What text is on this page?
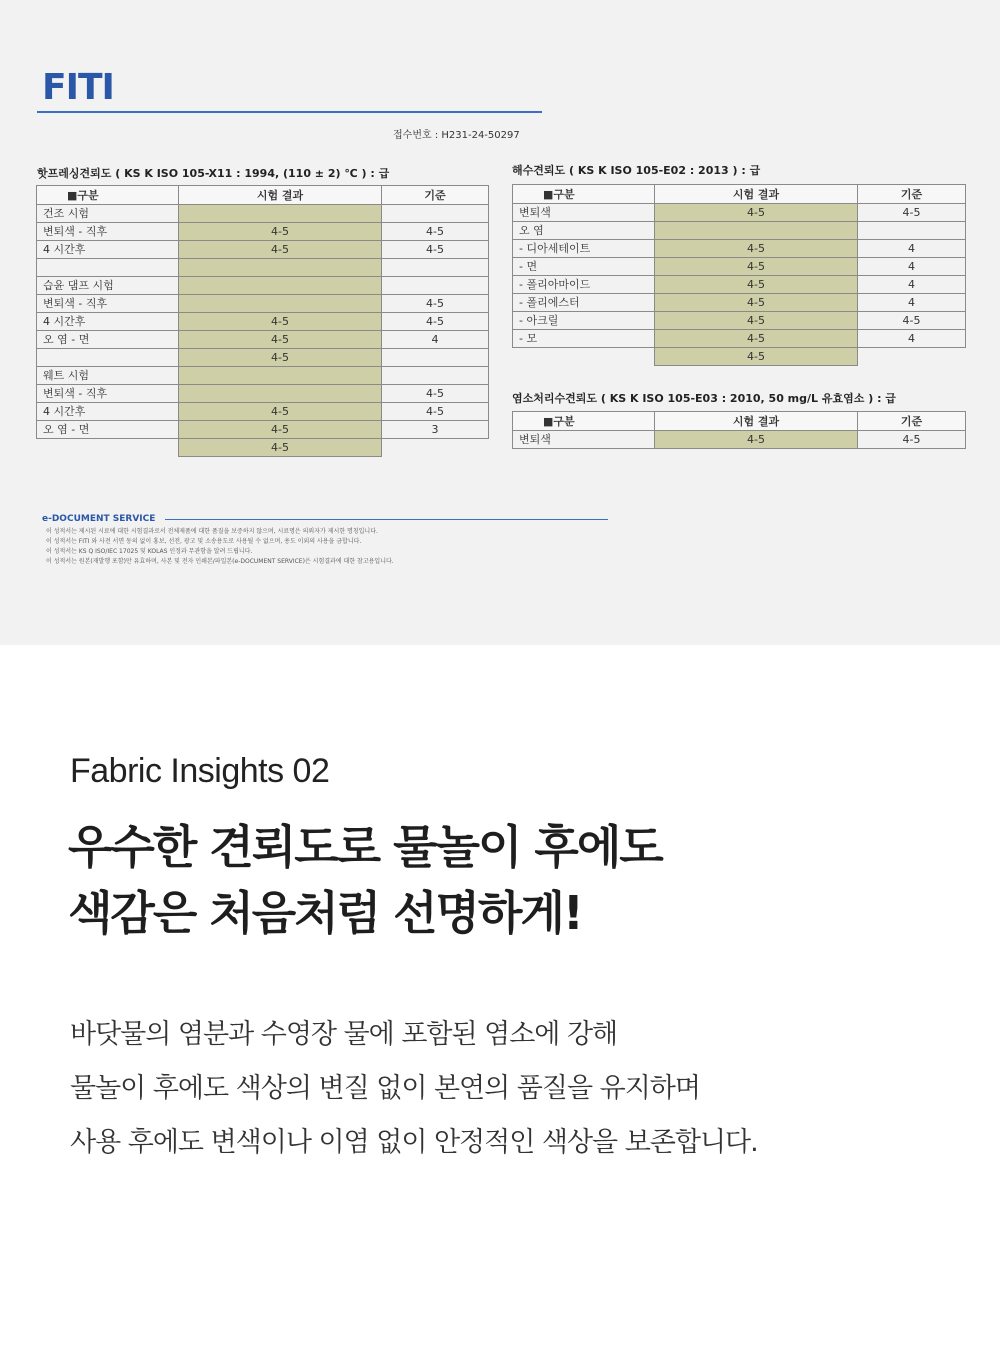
FITI
접수번호 : H231-24-50297
핫프레싱견뢰도 ( KS K ISO 105-X11 : 1994, (110 ± 2) ℃ ) : 급
■구분	시험 결과	기준
건조 시험		
변퇴색 - 직후	4-5	4-5
4 시간후	4-5	4-5

습윤 댐프 시험		
변퇴색 - 직후		4-5
4 시간후	4-5	4-5
오 염 - 면	4-5	4
	4-5	
웨트 시험		
변퇴색 - 직후		4-5
4 시간후	4-5	4-5
오 염 - 면	4-5	3
	4-5	
해수견뢰도 ( KS K ISO 105-E02 : 2013 ) : 급
■구분	시험 결과	기준
변퇴색	4-5	4-5
오 염		
- 디아세테이트	4-5	4
- 면	4-5	4
- 폴리아마이드	4-5	4
- 폴리에스터	4-5	4
- 아크릴	4-5	4-5
- 모	4-5	4
	4-5	
염소처리수견뢰도 ( KS K ISO 105-E03 : 2010, 50 mg/L 유효염소 ) : 급
■구분	시험 결과	기준
변퇴색	4-5	4-5
e-DOCUMENT SERVICE
이 성적서는 제시된 시료에 대한 시험결과로서 전체제품에 대한 품질을 보증하지 않으며, 시료명은 의뢰자가 제시한 명칭입니다.
이 성적서는 FITI 와 사전 서면 동의 없이 홍보, 선전, 광고 및 소송용도로 사용될 수 없으며, 용도 이외의 사용을 금합니다.
이 성적서는 KS Q ISO/IEC 17025 및 KOLAS 인정과 무관함을 알려 드립니다.
이 성적서는 원본(재발행 포함)만 유효하며, 사본 및 전자 인쇄본/파일본(e-DOCUMENT SERVICE)은 시험결과에 대한 참고용입니다.
Fabric Insights 02
우수한 견뢰도로 물놀이 후에도
색감은 처음처럼 선명하게!
바닷물의 염분과 수영장 물에 포함된 염소에 강해
물놀이 후에도 색상의 변질 없이 본연의 품질을 유지하며
사용 후에도 변색이나 이염 없이 안정적인 색상을 보존합니다.
